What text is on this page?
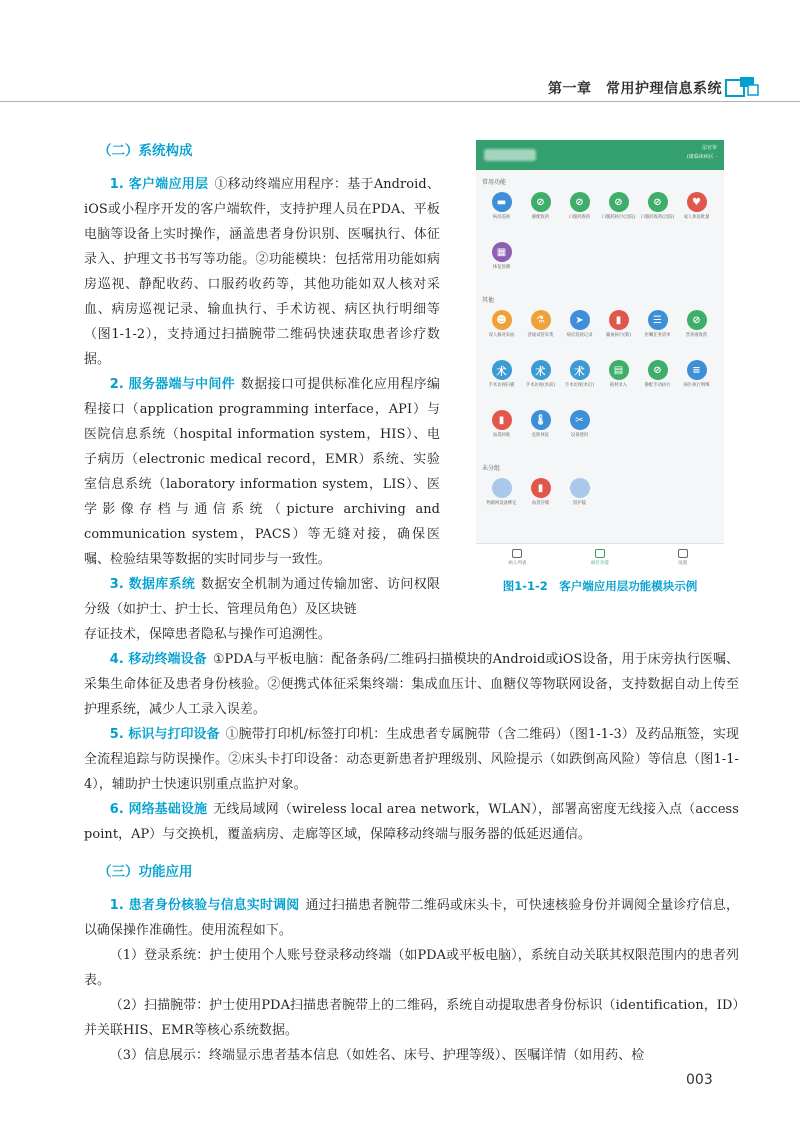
第一章　常用护理信息系统
法官审
(康临床病区 ·
常用功能
▬
病房巡视
⊘
静配收药
⊘
口服药收药
⊘
口服药执行(出院)
⊘
口服药收药(出院)
♥
成人体征批量
▦
体征预测
其他
☻
双人核对采血
⚗
普通试管采集
➤
病房巡视记录
▮
输血执行(新)
☰
医嘱任务清单
⊘
营养液收药
术
手术访视扫描
术
手术访视(术前)
术
手术访视(术后)
▤
耗材录入
⊘
静配手动执行
≡
病区执行明细
▮
血袋回收
🌡
危险体征
✂
设备使用
未分组
物联网设备绑定
▮
血袋存储	留护镜
病人列表	病区功能	设置
图1-1-2　客户端应用层功能模块示例
（二）系统构成

1. 客户端应用层 ①移动终端应用程序：基于Android、iOS或小程序开发的客户端软件，支持护理人员在PDA、平板电脑等设备上实时操作，涵盖患者身份识别、医嘱执行、体征录入、护理文书书写等功能。②功能模块：包括常用功能如病房巡视、静配收药、口服药收药等，其他功能如双人核对采血、病房巡视记录、输血执行、手术访视、病区执行明细等（图1-1-2），支持通过扫描腕带二维码快速获取患者诊疗数据。

2. 服务器端与中间件 数据接口可提供标准化应用程序编程接口（application programming interface，API）与医院信息系统（hospital information system，HIS）、电子病历（electronic medical record，EMR）系统、实验室信息系统（laboratory information system，LIS）、医学影像存档与通信系统（picture archiving and communication system，PACS）等无缝对接，确保医嘱、检验结果等数据的实时同步与一致性。

3. 数据库系统 数据安全机制为通过传输加密、访问权限分级（如护士、护士长、管理员角色）及区块链

存证技术，保障患者隐私与操作可追溯性。

4. 移动终端设备 ①PDA与平板电脑：配备条码/二维码扫描模块的Android或iOS设备，用于床旁执行医嘱、采集生命体征及患者身份核验。②便携式体征采集终端：集成血压计、血糖仪等物联网设备，支持数据自动上传至护理系统，减少人工录入误差。

5. 标识与打印设备 ①腕带打印机/标签打印机：生成患者专属腕带（含二维码）（图1-1-3）及药品瓶签，实现全流程追踪与防误操作。②床头卡打印设备：动态更新患者护理级别、风险提示（如跌倒高风险）等信息（图1-1-4），辅助护士快速识别重点监护对象。

6. 网络基础设施 无线局域网（wireless local area network，WLAN），部署高密度无线接入点（access point，AP）与交换机，覆盖病房、走廊等区域，保障移动终端与服务器的低延迟通信。

（三）功能应用

1. 患者身份核验与信息实时调阅 通过扫描患者腕带二维码或床头卡，可快速核验身份并调阅全量诊疗信息，以确保操作准确性。使用流程如下。

（1）登录系统：护士使用个人账号登录移动终端（如PDA或平板电脑），系统自动关联其权限范围内的患者列表。

（2）扫描腕带：护士使用PDA扫描患者腕带上的二维码，系统自动提取患者身份标识（identification，ID）并关联HIS、EMR等核心系统数据。

（3）信息展示：终端显示患者基本信息（如姓名、床号、护理等级）、医嘱详情（如用药、检

003
